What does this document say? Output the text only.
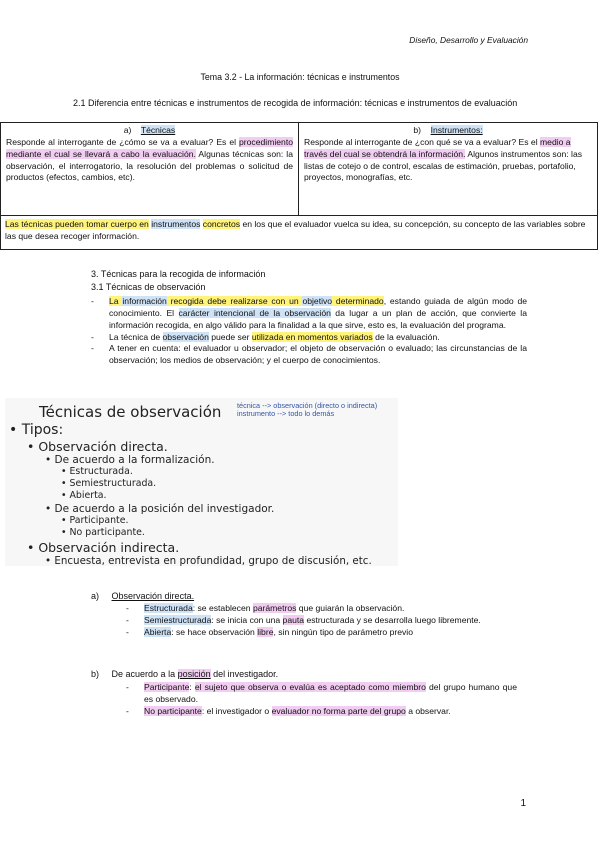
Diseño, Desarrollo y Evaluación
Tema 3.2 - La información: técnicas e instrumentos
2.1 Diferencia entre técnicas e instrumentos de recogida de información: técnicas e instrumentos de evaluación
a) Técnicas
Responde al interrogante de ¿cómo se va a evaluar? Es el procedimiento mediante el cual se llevará a cabo la evaluación. Algunas técnicas son: la observación, el interrogatorio, la resolución del problemas o solicitud de productos (efectos, cambios, etc).
b) Instrumentos:
Responde al interrogante de ¿con qué se va a evaluar? Es el medio a través del cual se obtendrá la información. Algunos instrumentos son: las listas de cotejo o de control, escalas de estimación, pruebas, portafolio, proyectos, monografías, etc.
Las técnicas pueden tomar cuerpo en instrumentos concretos en los que el evaluador vuelca su idea, su concepción, su concepto de las variables sobre las que desea recoger información.
3. Técnicas para la recogida de información
3.1 Técnicas de observación
- La información recogida debe realizarse con un objetivo determinado, estando guiada de algún modo de conocimiento. El carácter intencional de la observación da lugar a un plan de acción, que convierte la información recogida, en algo válido para la finalidad a la que sirve, esto es, la evaluación del programa.
- La técnica de observación puede ser utilizada en momentos variados de la evaluación.
- A tener en cuenta: el evaluador u observador; el objeto de observación o evaluado; las circunstancias de la observación; los medios de observación; y el cuerpo de conocimientos.
Técnicas de observación técnica --> observación (directo o indirecta)
instrumento --> todo lo demás
• Tipos:
• Observación directa.
• De acuerdo a la formalización.
• Estructurada.
• Semiestructurada.
• Abierta.
• De acuerdo a la posición del investigador.
• Participante.
• No participante.
• Observación indirecta.
• Encuesta, entrevista en profundidad, grupo de discusión, etc.
a) Observación directa.
- Estructurada: se establecen parámetros que guiarán la observación.
- Semiestructurada: se inicia con una pauta estructurada y se desarrolla luego libremente.
- Abierta: se hace observación libre, sin ningún tipo de parámetro previo
b) De acuerdo a la posición del investigador.
- Participante: el sujeto que observa o evalúa es aceptado como miembro del grupo humano que es observado.
- No participante: el investigador o evaluador no forma parte del grupo a observar.
1
